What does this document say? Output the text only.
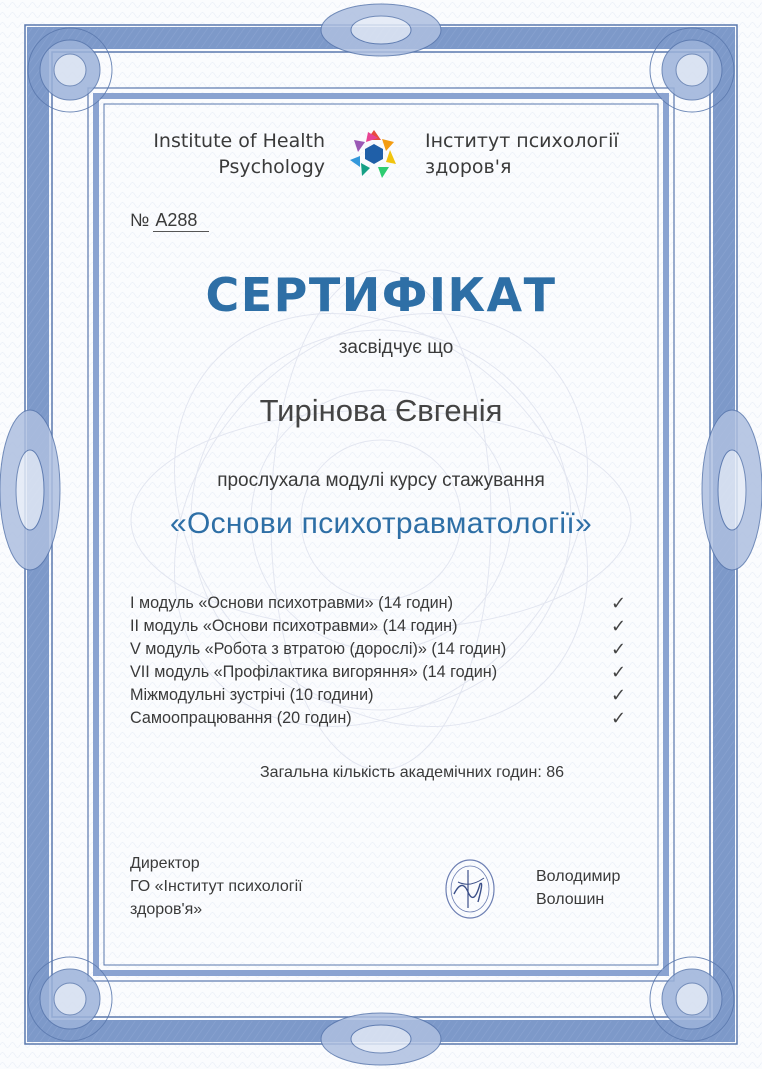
Institute of Health
Psychology
Інститут психології
здоров'я
№ А288
СЕРТИФІКАТ
засвідчує що
Тирінова Євгенія
прослухала модулі курсу стажування
«Основи психотравматології»
І модуль «Основи психотравми» (14 годин)	✓
ІІ модуль «Основи психотравми» (14 годин)	✓
V модуль «Робота з втратою (дорослі)» (14 годин)	✓
VII модуль «Профілактика вигоряння» (14 годин)	✓
Міжмодульні зустрічі (10 години)	✓
Самоопрацювання (20 годин)	✓
Загальна кількість академічних годин: 86
Директор
ГО «Інститут психології
здоров'я»
Володимир
Волошин
